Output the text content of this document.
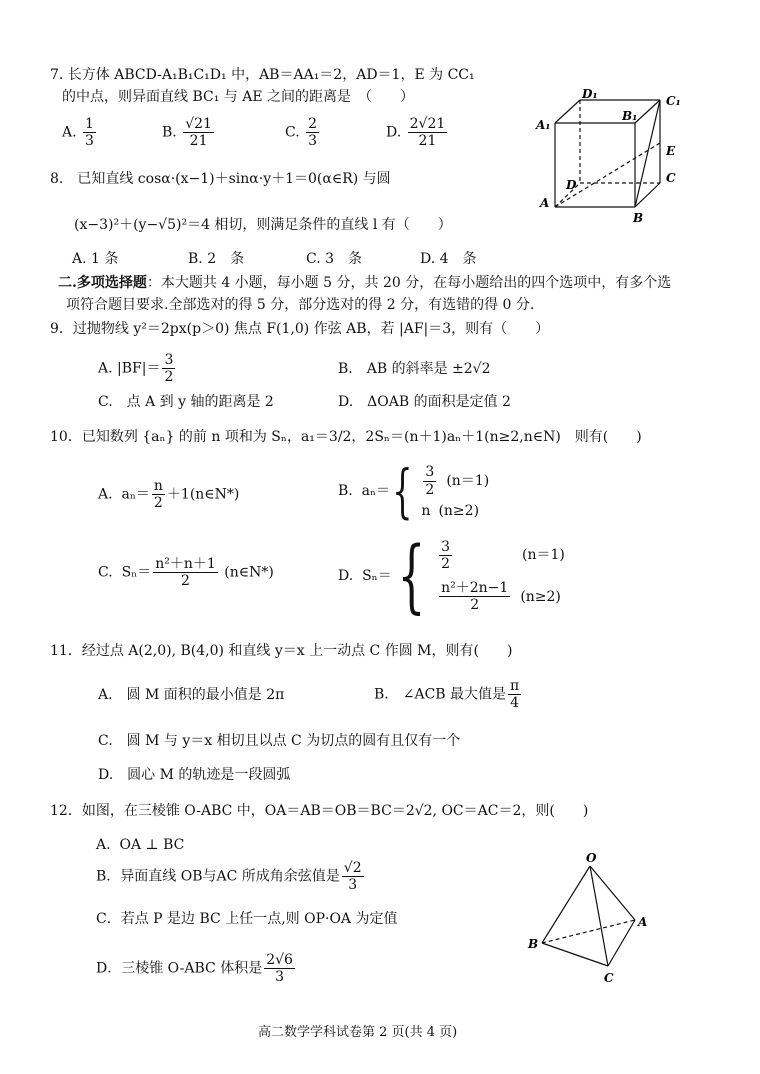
7. 长方体 ABCD-A₁B₁C₁D₁ 中，AB＝AA₁＝2，AD＝1，E 为 CC₁
的中点，则异面直线 BC₁ 与 AE 之间的距离是　（　　）
A. $\frac{1}{3}$	B. $\frac{√21}{21}$	C. $\frac{2}{3}$	D. $\frac{2√21}{21}$
D₁
B₁
C₁
A₁
E
D	C
A
B
8.　已知直线 cosα·(x−1)＋sinα·y＋1＝0(α∈R) 与圆
(x−3)²＋(y−√5)²＝4 相切，则满足条件的直线 l 有（　　）
A. 1 条	B. 2　条	C. 3　条	D. 4　条
二.多项选择题：本大题共 4 小题，每小题 5 分，共 20 分，在每小题给出的四个选项中，有多个选
项符合题目要求.全部选对的得 5 分，部分选对的得 2 分，有选错的得 0 分.
9．过抛物线 y²＝2px(p＞0) 焦点 F(1,0) 作弦 AB，若 |AF|＝3，则有（　　）
A. $|BF|= \frac{3}{2}$	B.　AB 的斜率是 ±2√2
C.　点 A 到 y 轴的距离是 2	D.　ΔOAB 的面积是定值 2
10．已知数列 {aₙ} 的前 n 项和为 Sₙ，a₁＝3/2，2Sₙ＝(n＋1)aₙ＋1(n≥2,n∈N)　则有(　　)
A. $a_n= \frac{n}{2}$ ＋1(n∈N*)	B. $a_n=\{ \frac{3}{2} (n=1)$
n (n≥2)
C. $S_n= \frac{\text{n²＋n＋1}}{2}$ (n∈N*)	D. $S_n=\{ \frac{3}{2}$	(n＝1)
$\frac{\text{n²＋2n−1}}{2} (n\ge 2)$
11．经过点 A(2,0), B(4,0) 和直线 y＝x 上一动点 C 作圆 M，则有(　　)
A.　圆 M 面积的最小值是 2π	B.　∠ACB 最大值是 $\frac{\pi}{4}$
C.　圆 M 与 y＝x 相切且以点 C 为切点的圆有且仅有一个
D.　圆心 M 的轨迹是一段圆弧
12．如图，在三棱锥 O-ABC 中，OA＝AB＝OB＝BC＝2√2, OC＝AC＝2，则(　　)
A. OA ⊥ BC
B．异面直线 OB与AC 所成角余弦值是 $\frac{√2}{3}$
C．若点 P 是边 BC 上任一点,则 OP·OA 为定值
D．三棱锥 O-ABC 体积是 $\frac{2√6}{3}$
O
A
B
C
高二数学学科试卷第 2 页(共 4 页)
